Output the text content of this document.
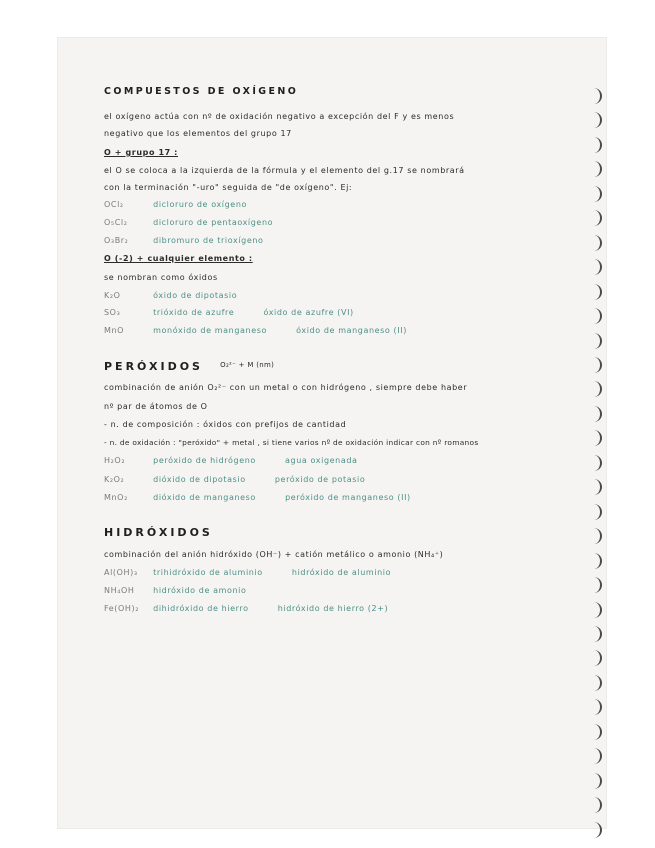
COMPUESTOS DE OXÍGENO
el oxígeno actúa con nº de oxidación negativo a excepción del F y es menos
negativo que los elementos del grupo 17
O + grupo 17 :
el O se coloca a la izquierda de la fórmula y el elemento del g.17 se nombrará
con la terminación "-uro" seguida de "de oxígeno". Ej:
OCl₂	dicloruro de oxígeno
O₅Cl₂	dicloruro de pentaoxígeno
O₃Br₂	dibromuro de trioxígeno
O (-2) + cualquier elemento :
se nombran como óxidos
K₂O	óxido de dipotasio
SO₃	trióxido de azufre	óxido de azufre (VI)
MnO	monóxido de manganeso	óxido de manganeso (II)
PERÓXIDOS O₂²⁻ + M (nm)
combinación de anión O₂²⁻ con un metal o con hidrógeno , siempre debe haber
nº par de átomos de O
- n. de composición : óxidos con prefijos de cantidad
- n. de oxidación : "peróxido" + metal , si tiene varios nº de oxidación indicar con nº romanos
H₂O₂	peróxido de hidrógeno	agua oxigenada
K₂O₂	dióxido de dipotasio	peróxido de potasio
MnO₂	dióxido de manganeso	peróxido de manganeso (II)
HIDRÓXIDOS
combinación del anión hidróxido (OH⁻) + catión metálico o amonio (NH₄⁺)
Al(OH)₃ trihidróxido de aluminio	hidróxido de aluminio
NH₄OH hidróxido de amonio
Fe(OH)₂ dihidróxido de hierro	hidróxido de hierro (2+)
